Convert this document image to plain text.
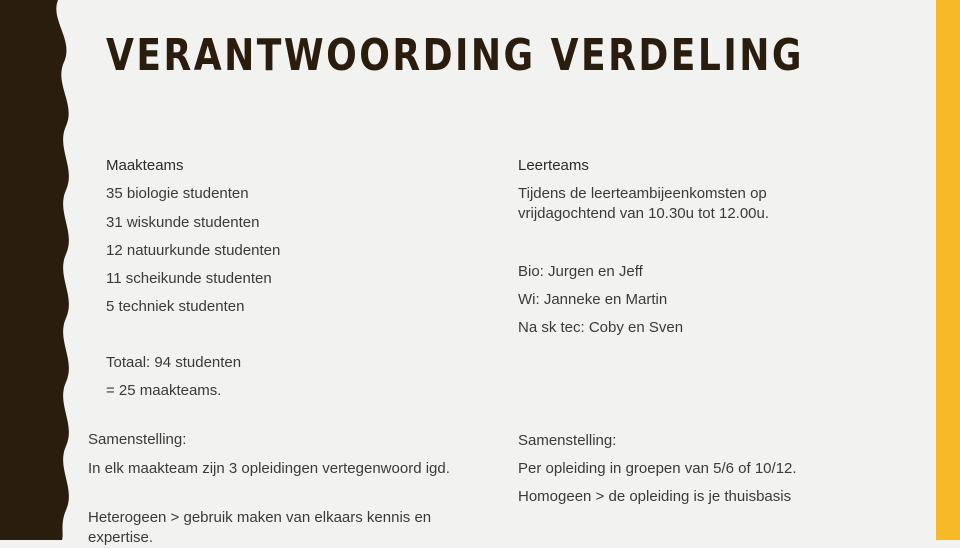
VERANTWOORDING VERDELING
Maakteams
35 biologie studenten
31 wiskunde studenten
12 natuurkunde studenten
11 scheikunde studenten
5 techniek studenten
Totaal: 94 studenten
= 25 maakteams.
Leerteams
Tijdens de leerteambijeenkomsten op vrijdagochtend van 10.30u tot 12.00u.
Bio: Jurgen en Jeff
Wi: Janneke en Martin
Na sk tec: Coby en Sven
Samenstelling:
In elk maakteam zijn 3 opleidingen vertegenwoord igd.
Heterogeen > gebruik maken van elkaars kennis en expertise.
Samenstelling:
Per opleiding in groepen van 5/6 of 10/12.
Homogeen > de opleiding is je thuisbasis
